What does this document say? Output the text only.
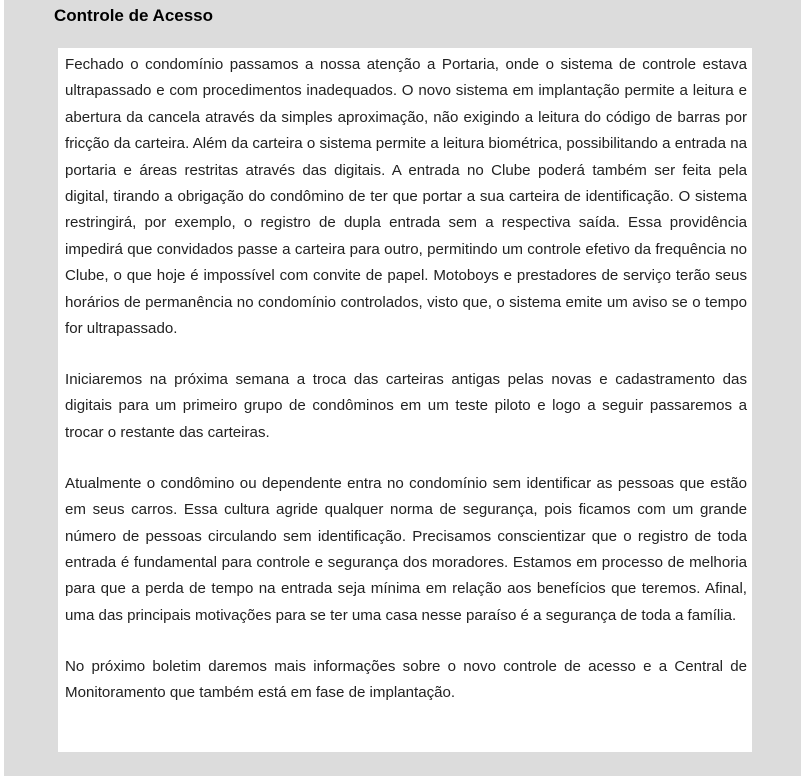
Controle de Acesso

Fechado o condomínio passamos a nossa atenção a Portaria, onde o sistema de controle estava ultrapassado e com procedimentos inadequados. O novo sistema em implantação permite a leitura e abertura da cancela através da simples aproximação, não exigindo a leitura do código de barras por fricção da carteira. Além da carteira o sistema permite a leitura biométrica, possibilitando a entrada na portaria e áreas restritas através das digitais. A entrada no Clube poderá também ser feita pela digital, tirando a obrigação do condômino de ter que portar a sua carteira de identificação. O sistema restringirá, por exemplo, o registro de dupla entrada sem a respectiva saída. Essa providência impedirá que convidados passe a carteira para outro, permitindo um controle efetivo da frequência no Clube, o que hoje é impossível com convite de papel. Motoboys e prestadores de serviço terão seus horários de permanência no condomínio controlados, visto que, o sistema emite um aviso se o tempo for ultrapassado.

Iniciaremos na próxima semana a troca das carteiras antigas pelas novas e cadastramento das digitais para um primeiro grupo de condôminos em um teste piloto e logo a seguir passaremos a trocar o restante das carteiras.

Atualmente o condômino ou dependente entra no condomínio sem identificar as pessoas que estão em seus carros. Essa cultura agride qualquer norma de segurança, pois ficamos com um grande número de pessoas circulando sem identificação. Precisamos conscientizar que o registro de toda entrada é fundamental para controle e segurança dos moradores. Estamos em processo de melhoria para que a perda de tempo na entrada seja mínima em relação aos benefícios que teremos. Afinal, uma das principais motivações para se ter uma casa nesse paraíso é a segurança de toda a família.

No próximo boletim daremos mais informações sobre o novo controle de acesso e a Central de Monitoramento que também está em fase de implantação.
